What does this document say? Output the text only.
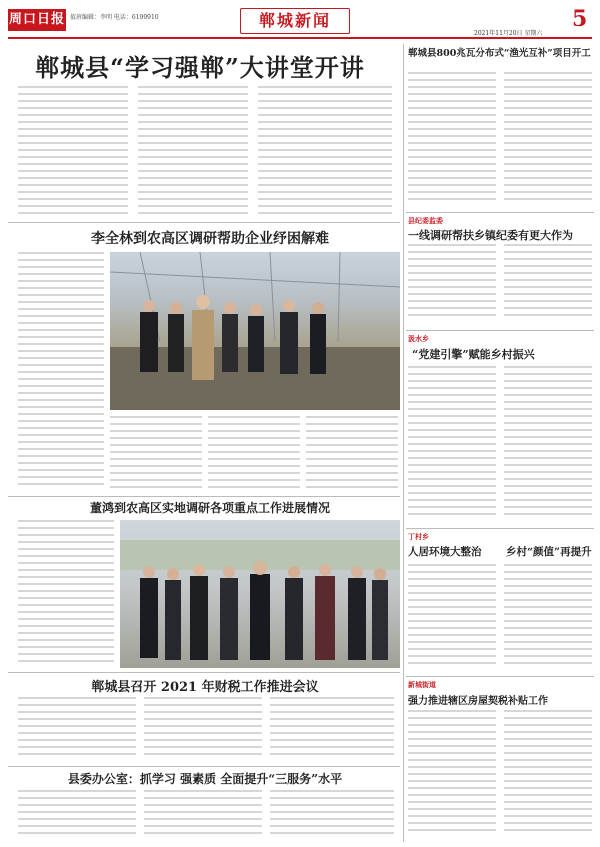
周口日报 值班编辑：李明 电话：6199910	郸城新闻	5
2021年11月20日 星期六
郸城县“学习强郸”大讲堂开讲
李全林到农高区调研帮助企业纾困解难
董鸿到农高区实地调研各项重点工作进展情况
郸城县召开 2021 年财税工作推进会议
县委办公室：抓学习 强素质 全面提升“三服务”水平
郸城县800兆瓦分布式“渔光互补”项目开工
县纪委监委
一线调研帮扶乡镇纪委有更大作为
汲水乡
“党建引擎”赋能乡村振兴
丁村乡
人居环境大整治	乡村“颜值”再提升
新城街道
强力推进辖区房屋契税补贴工作
